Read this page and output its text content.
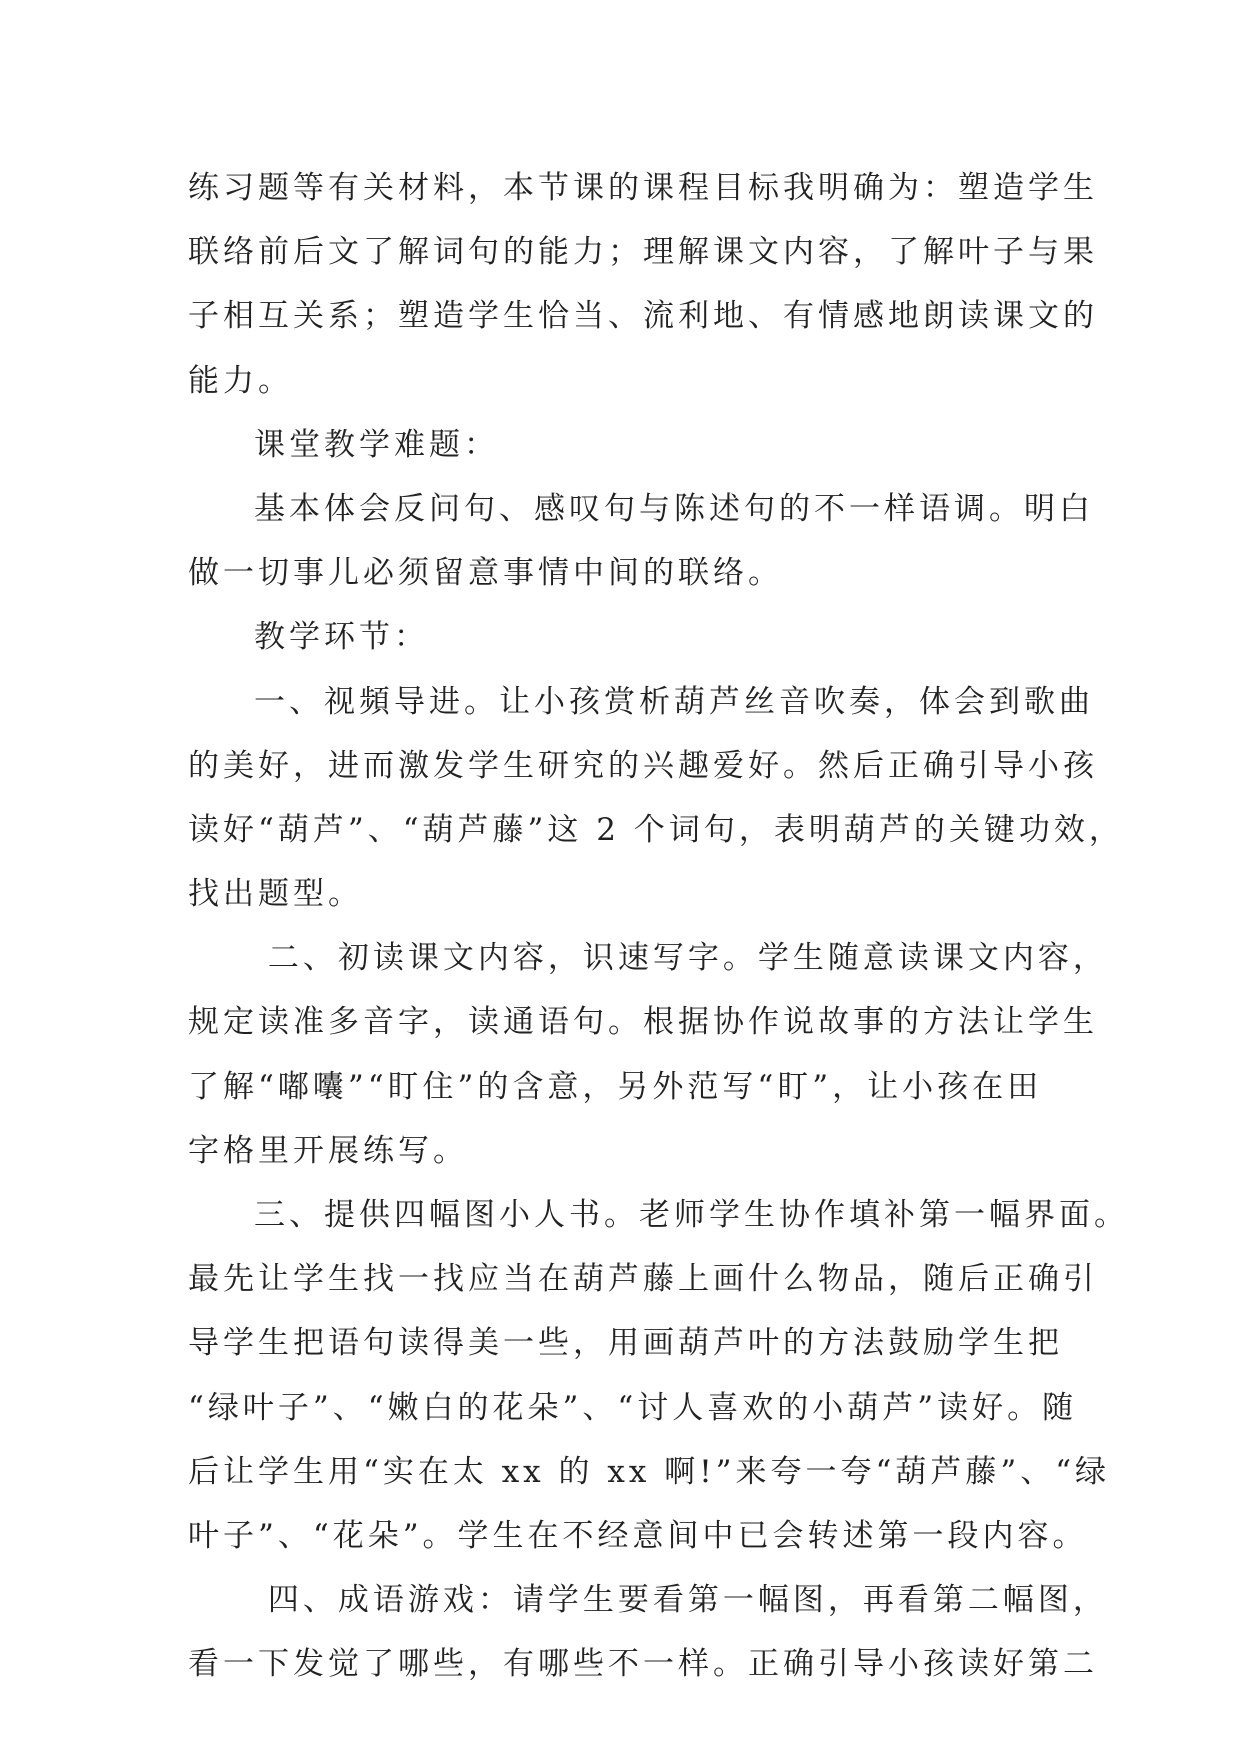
练习题等有关材料，本节课的课程目标我明确为：塑造学生
联络前后文了解词句的能力；理解课文内容，了解叶子与果
子相互关系；塑造学生恰当、流利地、有情感地朗读课文的
能力。

课堂教学难题：

基本体会反问句、感叹句与陈述句的不一样语调。明白
做一切事儿必须留意事情中间的联络。

教学环节：

一、视頻导进。让小孩赏析葫芦丝音吹奏，体会到歌曲
的美好，进而激发学生研究的兴趣爱好。然后正确引导小孩
读好“葫芦”、“葫芦藤”这 2 个词句，表明葫芦的关键功效，
找出题型。

二、初读课文内容，识速写字。学生随意读课文内容，
规定读准多音字，读通语句。根据协作说故事的方法让学生
了解“嘟囔”“盯住”的含意，另外范写“盯”，让小孩在田
字格里开展练写。

三、提供四幅图小人书。老师学生协作填补第一幅界面。
最先让学生找一找应当在葫芦藤上画什么物品，随后正确引
导学生把语句读得美一些，用画葫芦叶的方法鼓励学生把
“绿叶子”、“嫩白的花朵”、“讨人喜欢的小葫芦”读好。随
后让学生用“实在太 xx 的 xx 啊!”来夸一夸“葫芦藤”、“绿
叶子”、“花朵”。学生在不经意间中已会转述第一段内容。

四、成语游戏：请学生要看第一幅图，再看第二幅图，
看一下发觉了哪些，有哪些不一样。正确引导小孩读好第二
